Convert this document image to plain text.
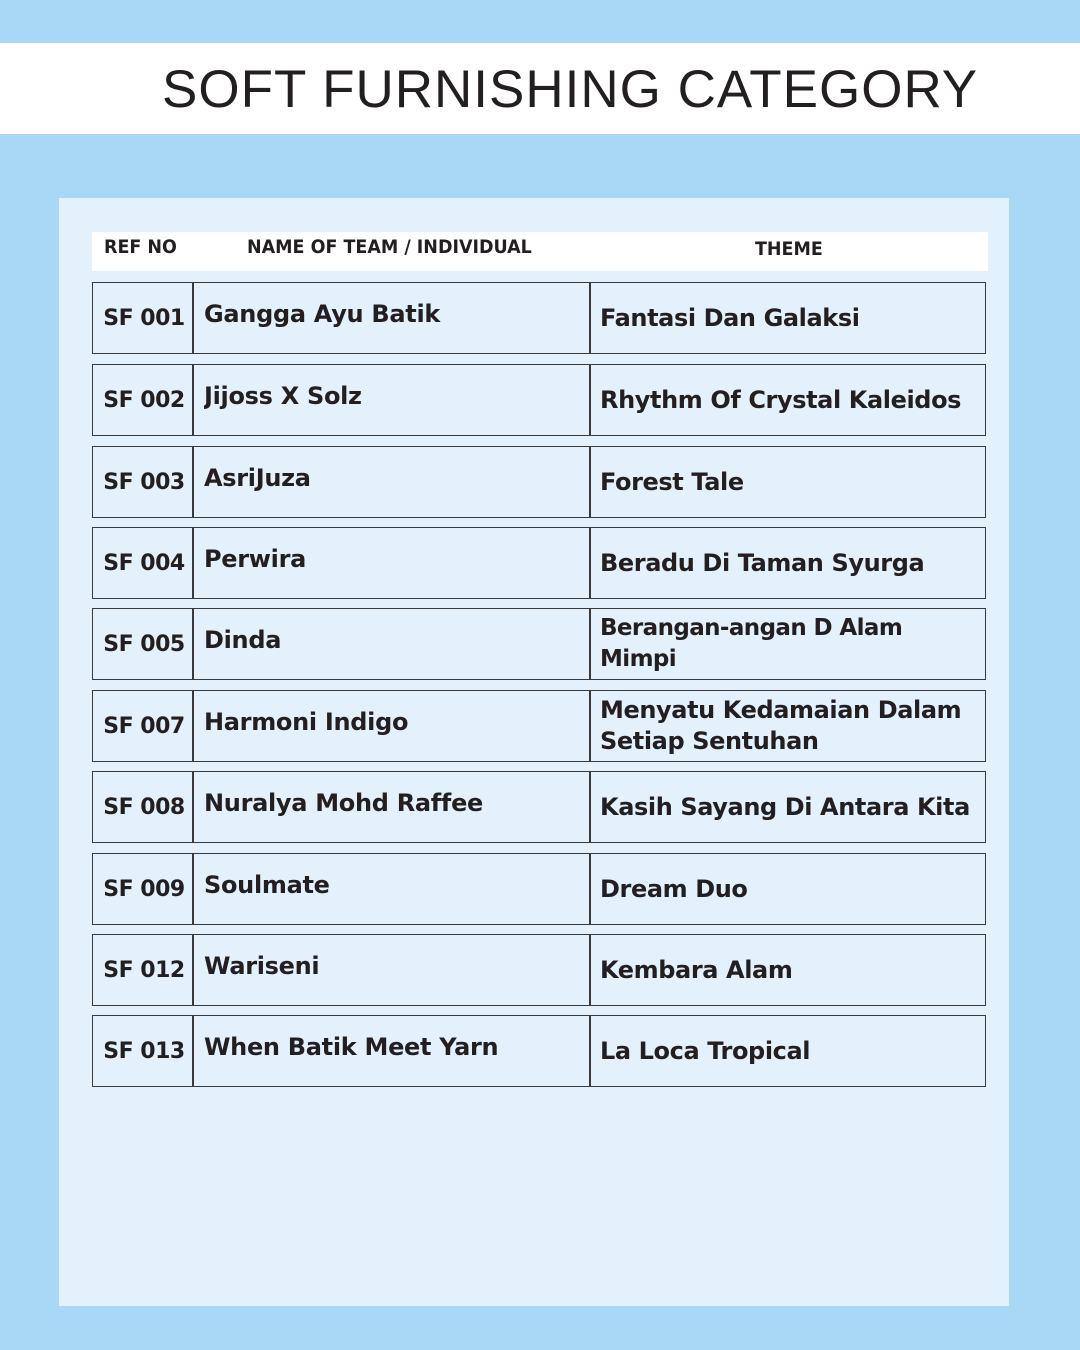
SOFT FURNISHING CATEGORY
REF NO	NAME OF TEAM / INDIVIDUAL	THEME
SF 001 Gangga Ayu Batik	Fantasi Dan Galaksi
SF 002 Jijoss X Solz	Rhythm Of Crystal Kaleidos
SF 003 AsriJuza	Forest Tale
SF 004 Perwira	Beradu Di Taman Syurga
SF 005 Dinda	Berangan-angan D Alam Mimpi
SF 007 Harmoni Indigo	Menyatu Kedamaian Dalam Setiap Sentuhan
SF 008 Nuralya Mohd Raffee	Kasih Sayang Di Antara Kita
SF 009 Soulmate	Dream Duo
SF 012 Wariseni	Kembara Alam
SF 013 When Batik Meet Yarn	La Loca Tropical
